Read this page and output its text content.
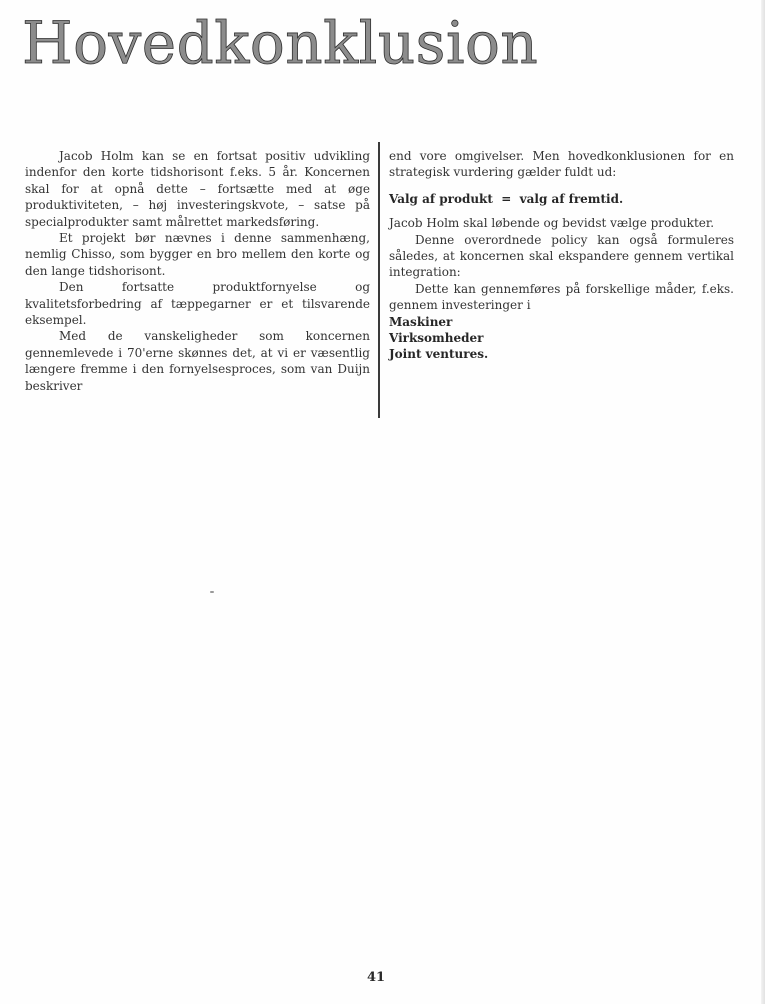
Hovedkonklusion

Jacob Holm kan se en fortsat positiv udvikling indenfor den korte tidshorisont f.eks. 5 år. Koncernen skal for at opnå dette – fortsætte med at øge produktiviteten, – høj investeringskvote, – satse på specialprodukter samt målrettet markedsføring.

Et projekt bør nævnes i denne sammenhæng, nemlig Chisso, som bygger en bro mellem den korte og den lange tidshorisont.

Den fortsatte produktfornyelse og kvalitetsforbedring af tæppegarner er et tilsvarende eksempel.

Med de vanskeligheder som koncernen gennemlevede i 70'erne skønnes det, at vi er væsentlig længere fremme i den fornyelsesproces, som van Duijn beskriver

end vore omgivelser. Men hovedkonklusionen for en strategisk vurdering gælder fuldt ud:

Valg af produkt  =  valg af fremtid.

Jacob Holm skal løbende og bevidst vælge produkter.

Denne overordnede policy kan også formuleres således, at koncernen skal ekspandere gennem vertikal integration:

Dette kan gennemføres på forskellige måder, f.eks. gennem investeringer i

Maskiner
Virksomheder
Joint ventures.
41
